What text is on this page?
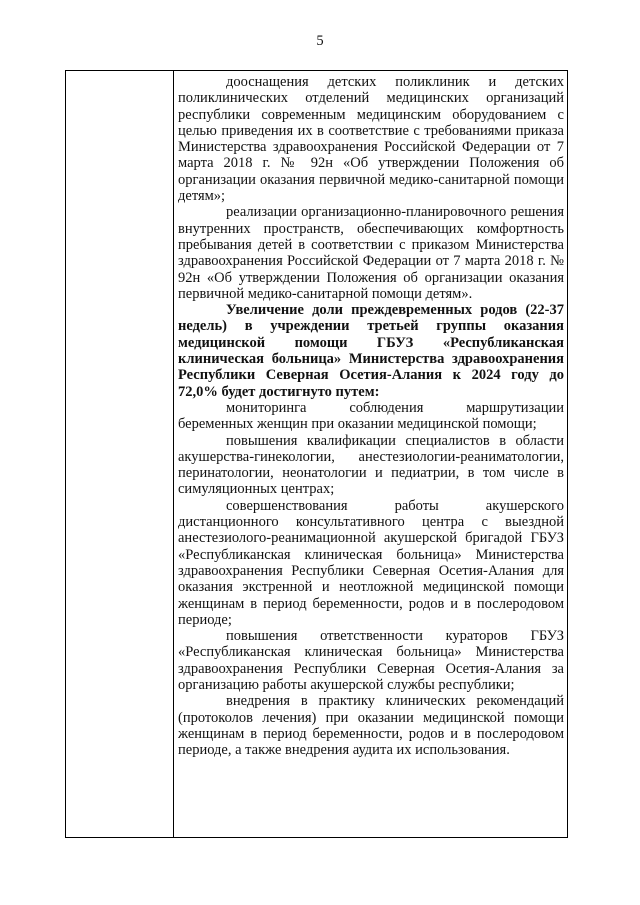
5

дооснащения детских поликлиник и детских поликлинических отделений медицинских организаций республики современным медицинским оборудованием с целью приведения их в соответствие с требованиями приказа Министерства здравоохранения Российской Федерации от 7 марта 2018 г. № 92н «Об утверждении Положения об организации оказания первичной медико-санитарной помощи детям»;

реализации организационно-планировочного решения внутренних пространств, обеспечивающих комфортность пребывания детей в соответствии с приказом Министерства здравоохранения Российской Федерации от 7 марта 2018 г. № 92н «Об утверждении Положения об организации оказания первичной медико-санитарной помощи детям».

Увеличение доли преждевременных родов (22-37 недель) в учреждении третьей группы оказания медицинской помощи ГБУЗ «Республиканская клиническая больница» Министерства здравоохранения Республики Северная Осетия-Алания к 2024 году до 72,0% будет достигнуто путем:

мониторинга соблюдения маршрутизации беременных женщин при оказании медицинской помощи;

повышения квалификации специалистов в области акушерства-гинекологии, анестезиологии-реаниматологии, перинатологии, неонатологии и педиатрии, в том числе в симуляционных центрах;

совершенствования работы акушерского дистанционного консультативного центра с выездной анестезиолого-реанимационной акушерской бригадой ГБУЗ «Республиканская клиническая больница» Министерства здравоохранения Республики Северная Осетия-Алания для оказания экстренной и неотложной медицинской помощи женщинам в период беременности, родов и в послеродовом периоде;

повышения ответственности кураторов ГБУЗ «Республиканская клиническая больница» Министерства здравоохранения Республики Северная Осетия-Алания за организацию работы акушерской службы республики;

внедрения в практику клинических рекомендаций (протоколов лечения) при оказании медицинской помощи женщинам в период беременности, родов и в послеродовом периоде, а также внедрения аудита их использования.
